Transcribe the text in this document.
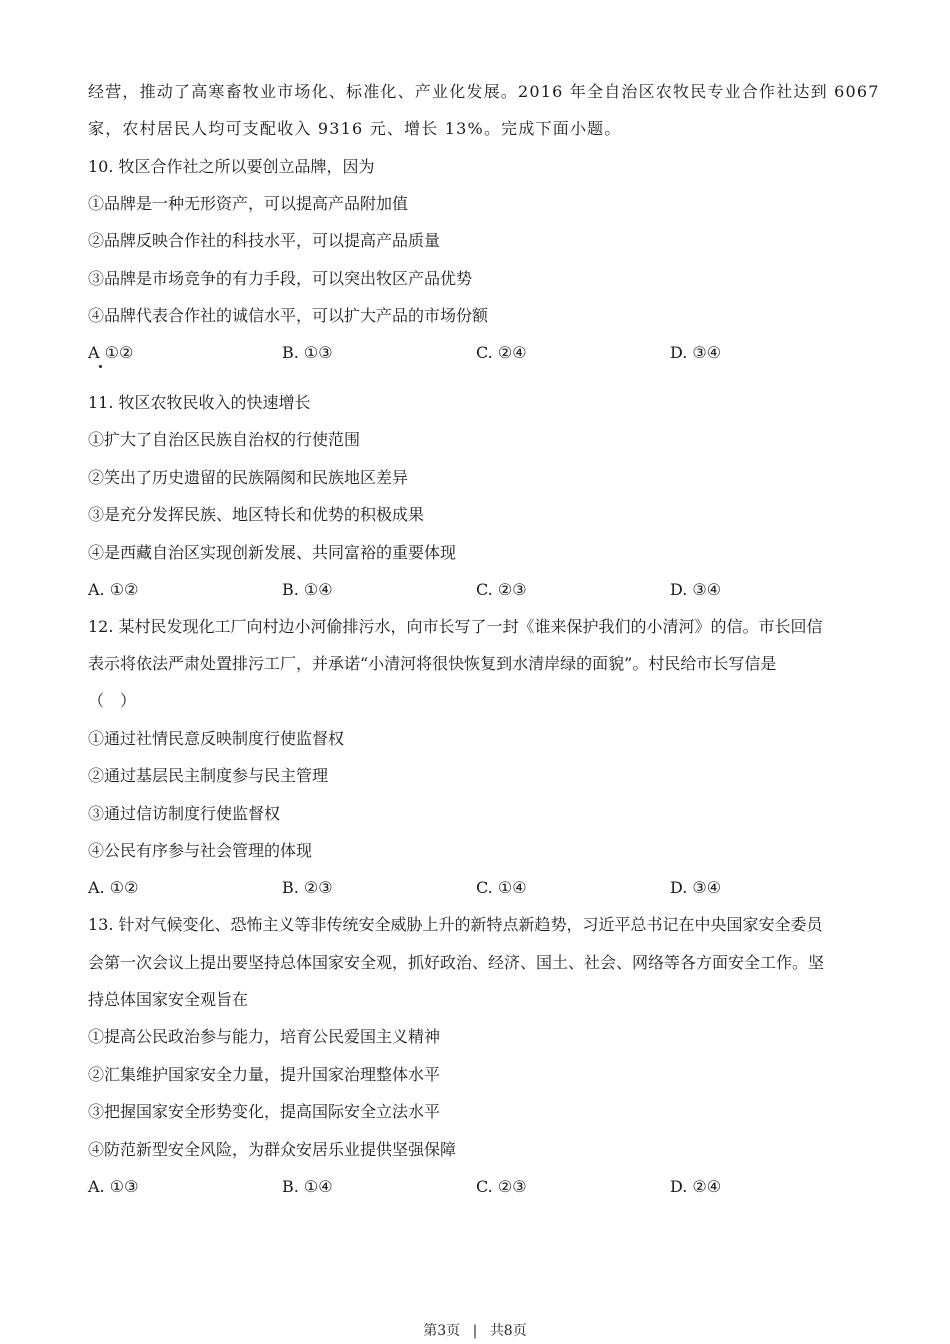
经营，推动了高寒畜牧业市场化、标准化、产业化发展。2016 年全自治区农牧民专业合作社达到 6067
家，农村居民人均可支配收入 9316 元、增长 13%。完成下面小题。
10. 牧区合作社之所以要创立品牌，因为
①品牌是一种无形资产，可以提高产品附加值
②品牌反映合作社的科技水平，可以提高产品质量
③品牌是市场竞争的有力手段，可以突出牧区产品优势
④品牌代表合作社的诚信水平，可以扩大产品的市场份额
A ①②	B. ①③	C. ②④	D. ③④
11. 牧区农牧民收入的快速增长
①扩大了自治区民族自治权的行使范围
②笑出了历史遗留的民族隔阂和民族地区差异
③是充分发挥民族、地区特长和优势的积极成果
④是西藏自治区实现创新发展、共同富裕的重要体现
A. ①②	B. ①④	C. ②③	D. ③④
12. 某村民发现化工厂向村边小河偷排污水，向市长写了一封《谁来保护我们的小清河》的信。市长回信
表示将依法严肃处置排污工厂，并承诺“小清河将很快恢复到水清岸绿的面貌”。村民给市长写信是
（　）
①通过社情民意反映制度行使监督权
②通过基层民主制度参与民主管理
③通过信访制度行使监督权
④公民有序参与社会管理的体现
A. ①②	B. ②③	C. ①④	D. ③④
13. 针对气候变化、恐怖主义等非传统安全威胁上升的新特点新趋势，习近平总书记在中央国家安全委员
会第一次会议上提出要坚持总体国家安全观，抓好政治、经济、国土、社会、网络等各方面安全工作。坚
持总体国家安全观旨在
①提高公民政治参与能力，培育公民爱国主义精神
②汇集维护国家安全力量，提升国家治理整体水平
③把握国家安全形势变化，提高国际安全立法水平
④防范新型安全风险，为群众安居乐业提供坚强保障
A. ①③	B. ①④	C. ②③	D. ②④
第3页 | 共8页
